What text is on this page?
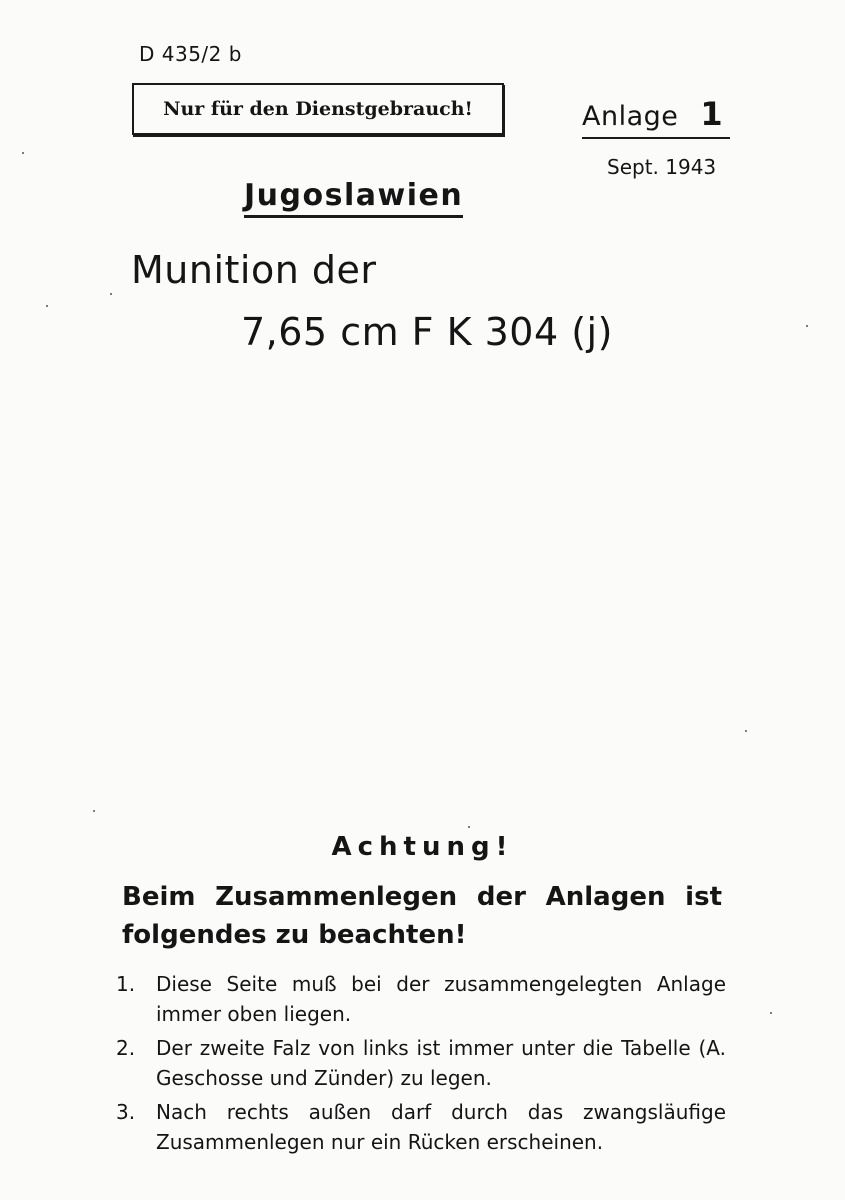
D 435/2 b
Nur für den Dienstgebrauch!	Anlage 1
Sept. 1943
Jugoslawien
Munition der
7,65 cm F K 304 (j)
Achtung!
Beim Zusammenlegen der Anlagen ist folgendes zu beachten!
1.	Diese Seite muß bei der zusammengelegten Anlage immer oben liegen.
2.	Der zweite Falz von links ist immer unter die Tabelle (A. Geschosse und Zünder) zu legen.
3.	Nach rechts außen darf durch das zwangsläufige Zusammenlegen nur ein Rücken erscheinen.
